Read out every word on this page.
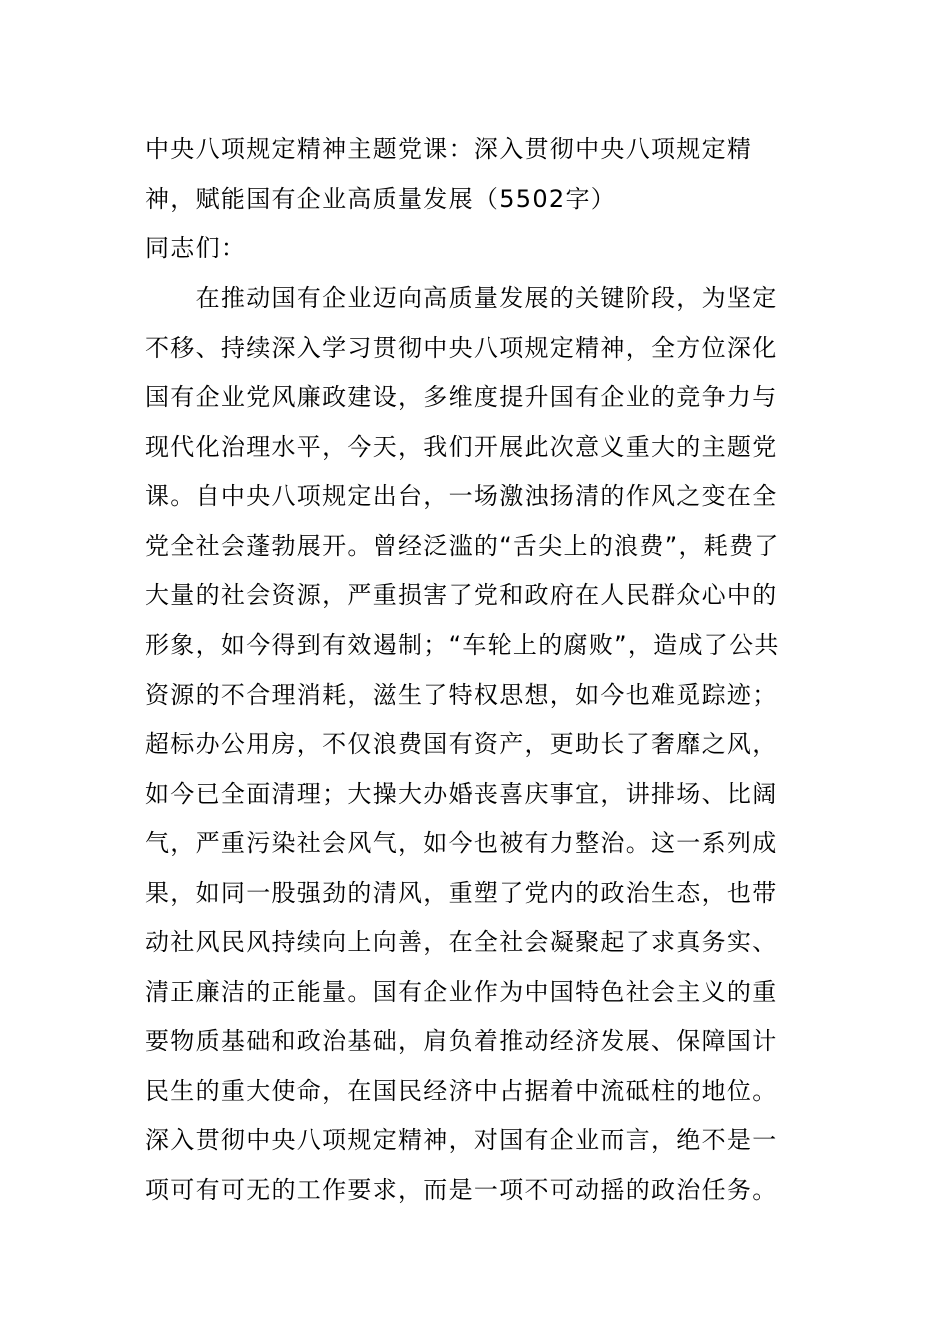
中央八项规定精神主题党课：深入贯彻中央八项规定精
神，赋能国有企业高质量发展（5502字）
同志们：
　　在推动国有企业迈向高质量发展的关键阶段，为坚定
不移、持续深入学习贯彻中央八项规定精神，全方位深化
国有企业党风廉政建设，多维度提升国有企业的竞争力与
现代化治理水平，今天，我们开展此次意义重大的主题党
课。自中央八项规定出台，一场激浊扬清的作风之变在全
党全社会蓬勃展开。曾经泛滥的“舌尖上的浪费”，耗费了
大量的社会资源，严重损害了党和政府在人民群众心中的
形象，如今得到有效遏制；“车轮上的腐败”，造成了公共
资源的不合理消耗，滋生了特权思想，如今也难觅踪迹；
超标办公用房，不仅浪费国有资产，更助长了奢靡之风，
如今已全面清理；大操大办婚丧喜庆事宜，讲排场、比阔
气，严重污染社会风气，如今也被有力整治。这一系列成
果，如同一股强劲的清风，重塑了党内的政治生态，也带
动社风民风持续向上向善，在全社会凝聚起了求真务实、
清正廉洁的正能量。国有企业作为中国特色社会主义的重
要物质基础和政治基础，肩负着推动经济发展、保障国计
民生的重大使命，在国民经济中占据着中流砥柱的地位。
深入贯彻中央八项规定精神，对国有企业而言，绝不是一
项可有可无的工作要求，而是一项不可动摇的政治任务。
